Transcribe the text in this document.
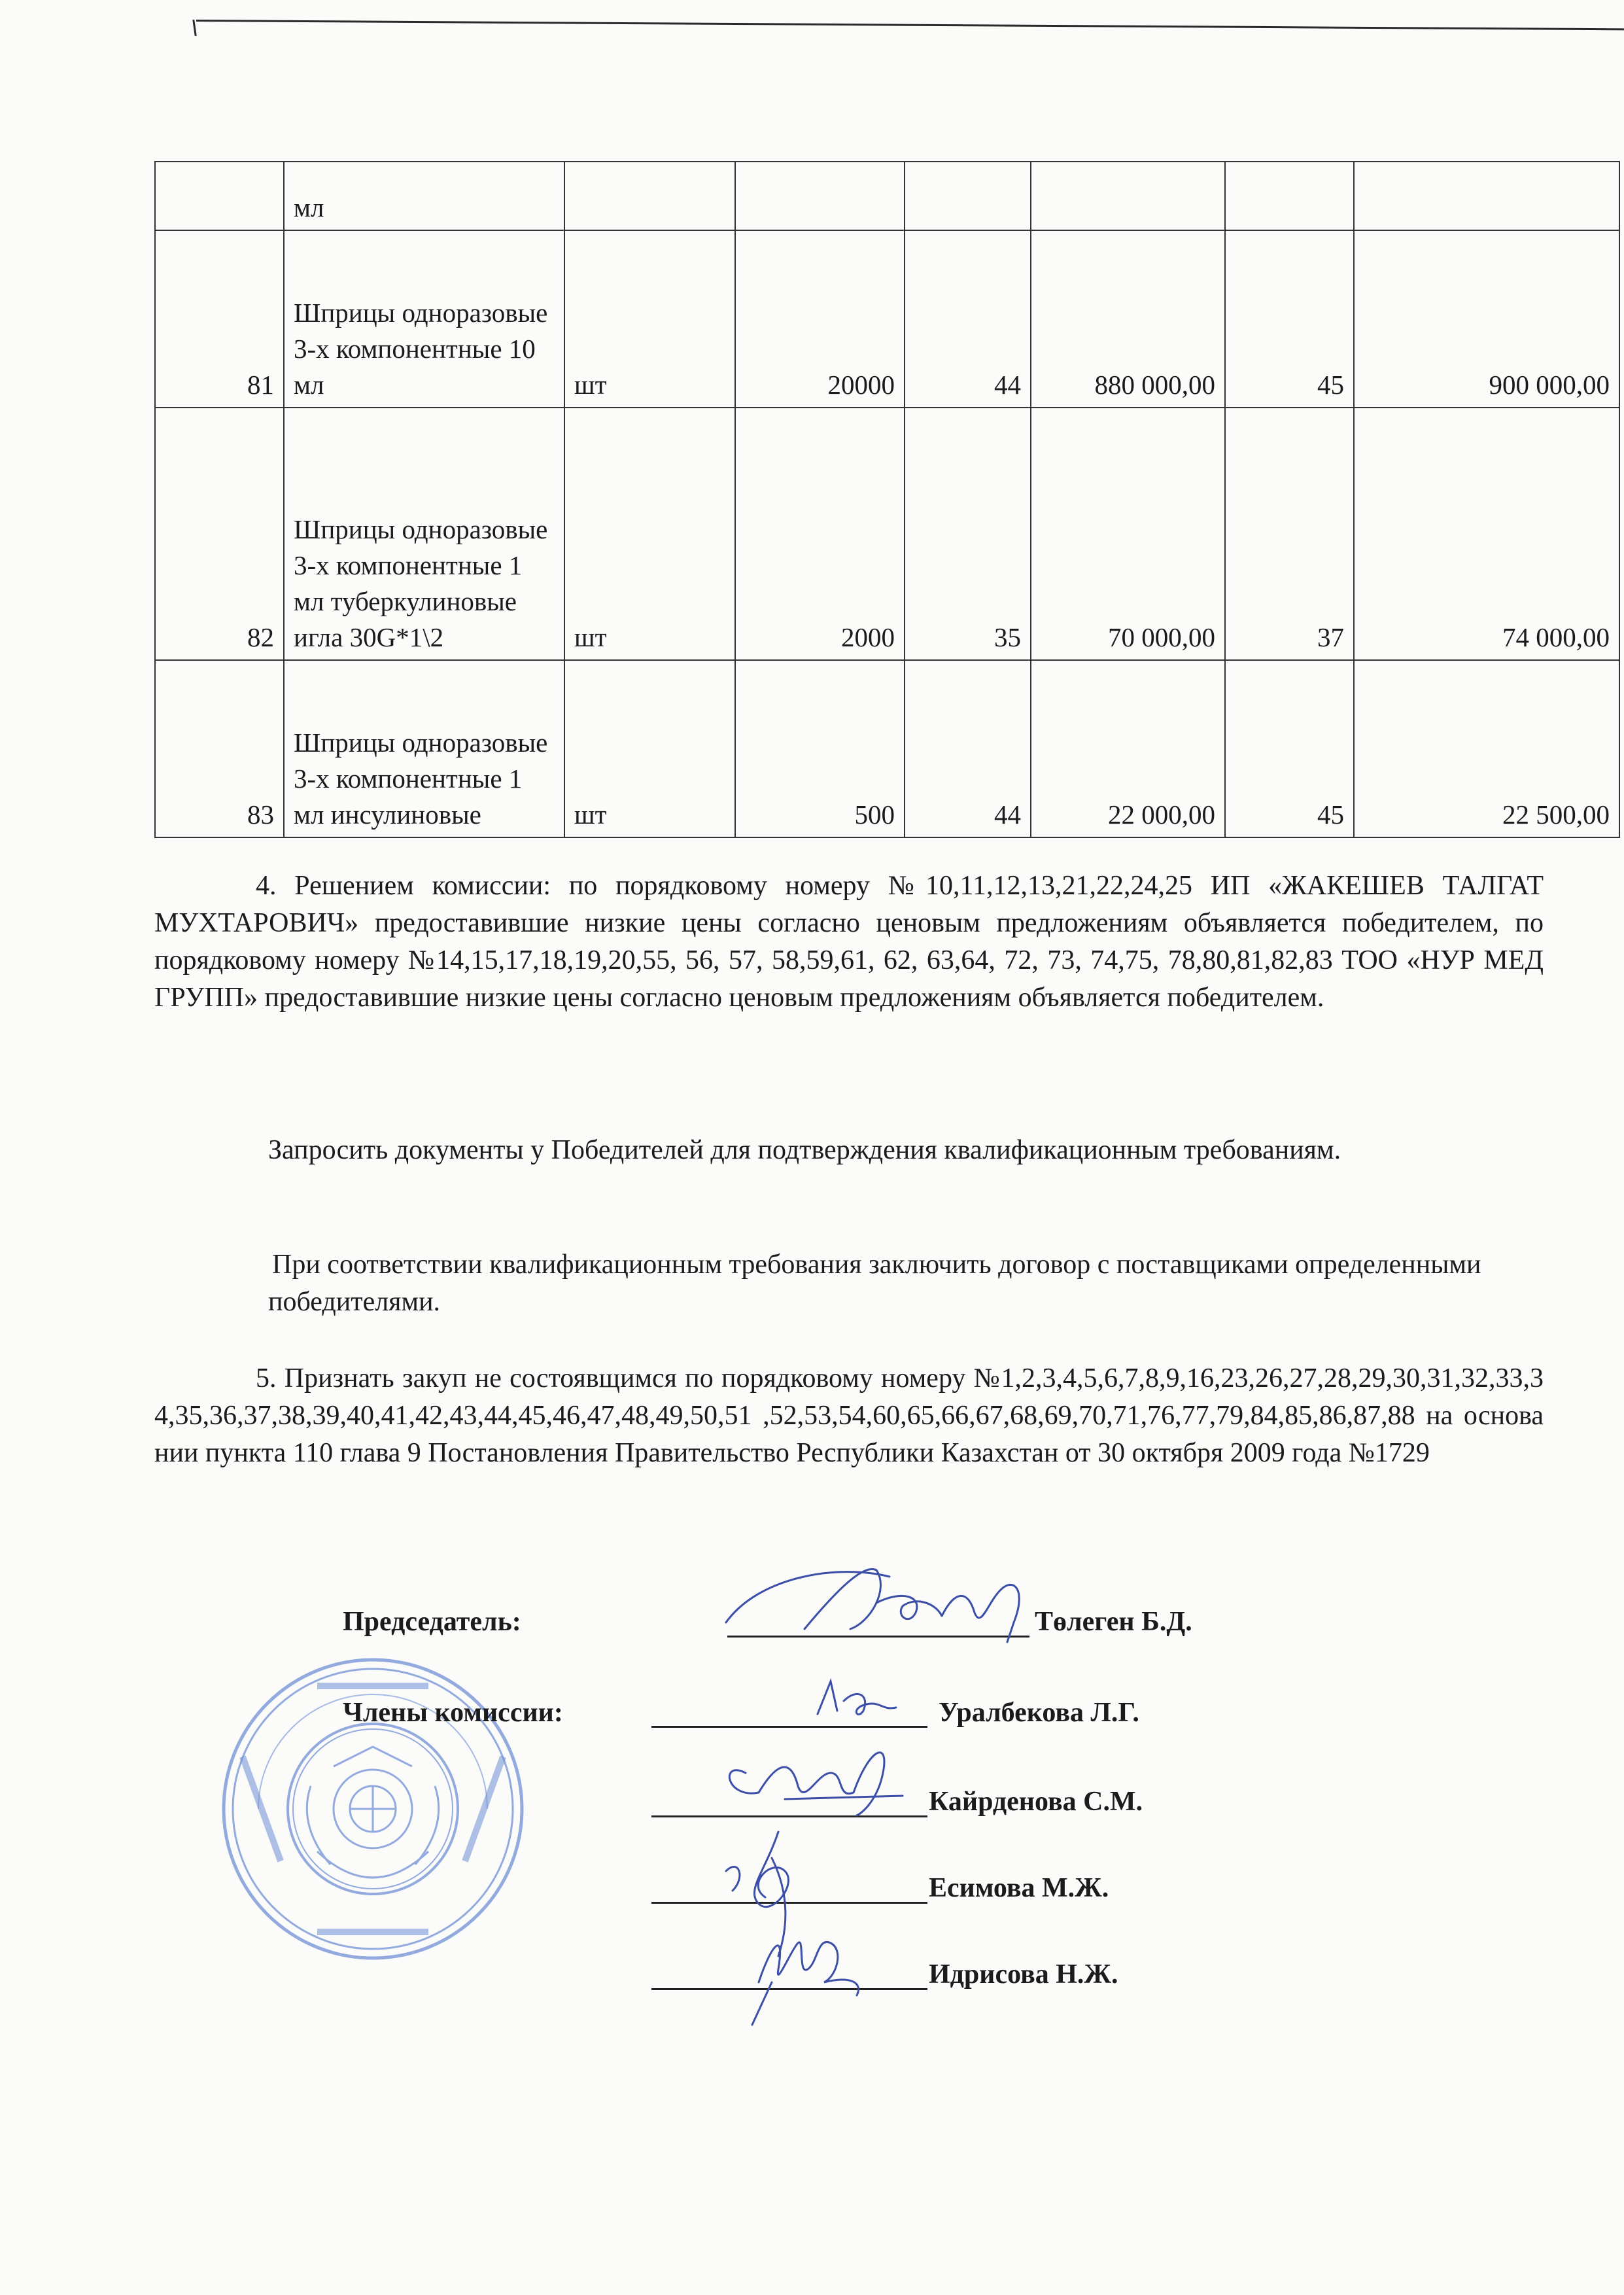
	мл						
81	Шприцы одноразовые 3-х компонентные 10 мл	шт	20000	44	880 000,00	45	900 000,00
82	Шприцы одноразовые 3-х компонентные 1 мл туберкулиновые игла 30G*1\2	шт	2000	35	70 000,00	37	74 000,00
83	Шприцы одноразовые 3-х компонентные 1 мл инсулиновые	шт	500	44	22 000,00	45	22 500,00

4. Решением комиссии: по порядковому номеру №10,11,12,13,21,22,24,25 ИП «ЖАКЕШЕВ ТАЛГАТ МУХТАРОВИЧ» предоставившие низкие цены согласно ценовым предложениям объявляется победителем, по порядковому номеру №14,15,17,18,19,20,55, 56, 57, 58,59,61, 62, 63,64, 72, 73, 74,75, 78,80,81,82,83 ТОО «НУР МЕД ГРУПП» предоставившие низкие цены согласно ценовым предложениям объявляется победителем.

Запросить документы у Победителей для подтверждения квалификационным требованиям.

При соответствии квалификационным требования заключить договор с поставщиками определенными победителями.

5. Признать закуп не состоявщимся по порядковому номеру №1,2,3,4,5,6,7,8,9,16,23,26,27,28,29,30,31,32,33,34,35,36,37,38,39,40,41,42,43,44,45,46,47,48,49,50,51 ,52,53,54,60,65,66,67,68,69,70,71,76,77,79,84,85,86,87,88 на основании пункта 110 глава 9 Постановления Правительство Республики Казахстан от 30 октября 2009 года №1729

Председатель:	Төлеген Б.Д.
Члены комиссии:	Уралбекова Л.Г.
Кайрденова С.М.
Есимова М.Ж.
Идрисова Н.Ж.
